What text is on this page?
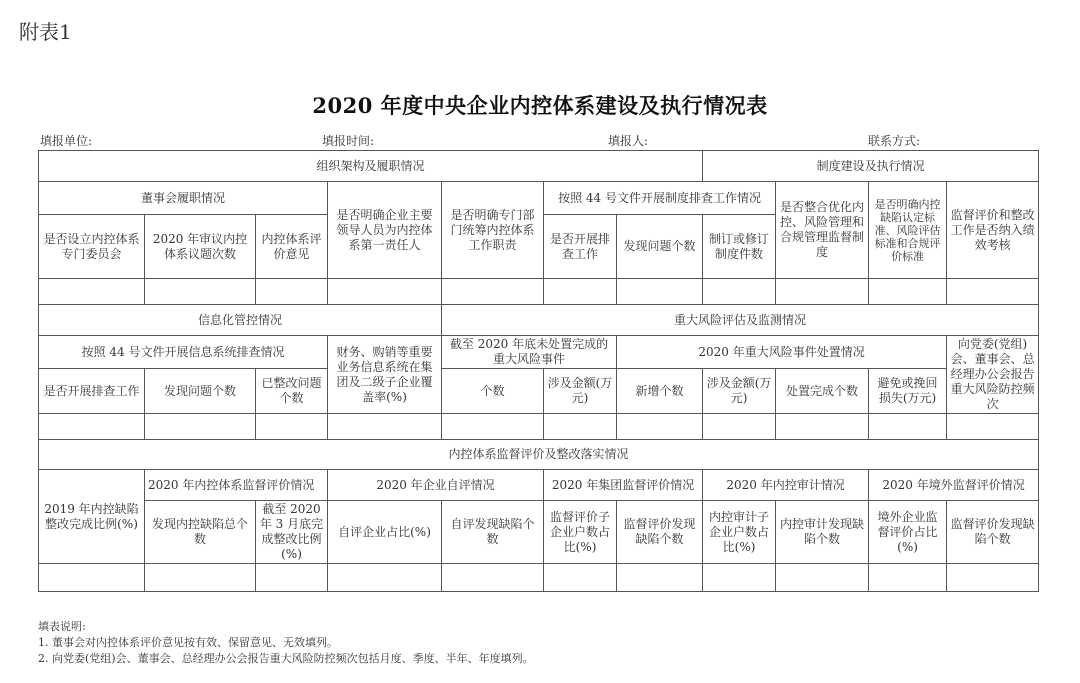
附表1
2020 年度中央企业内控体系建设及执行情况表
填报单位:	填报时间:	填报人:	联系方式:
组织架构及履职情况							制度建设及执行情况			
董事会履职情况			是否明确企业主要领导人员为内控体系第一责任人	是否明确专门部门统筹内控体系工作职责	按照 44 号文件开展制度排查工作情况			是否整合优化内控、风险管理和合规管理监督制度	是否明确内控缺陷认定标准、风险评估标准和合规评价标准	监督评价和整改工作是否纳入绩效考核
是否设立内控体系专门委员会	2020 年审议内控体系议题次数	内控体系评价意见			是否开展排查工作	发现问题个数	制订或修订制度件数			

信息化管控情况				重大风险评估及监测情况						
按照 44 号文件开展信息系统排查情况			财务、购销等重要业务信息系统在集团及二级子企业覆盖率(%)	截至 2020 年底未处置完成的重大风险事件		2020 年重大风险事件处置情况				向党委(党组)会、董事会、总经理办公会报告重大风险防控频次
是否开展排查工作	发现问题个数	已整改问题个数		个数	涉及金额(万元)	新增个数	涉及金额(万元)	处置完成个数	避免或挽回损失(万元)	

内控体系监督评价及整改落实情况										
2019 年内控缺陷整改完成比例(%)	2020 年内控体系监督评价情况		2020 年企业自评情况		2020 年集团监督评价情况		2020 年内控审计情况		2020 年境外监督评价情况	
	发现内控缺陷总个数	截至 2020 年 3 月底完成整改比例(%)	自评企业占比(%)	自评发现缺陷个数	监督评价子企业户数占比(%)	监督评价发现缺陷个数	内控审计子企业户数占比(%)	内控审计发现缺陷个数	境外企业监督评价占比(%)	监督评价发现缺陷个数

填表说明:
1. 董事会对内控体系评价意见按有效、保留意见、无效填列。
2. 向党委(党组)会、董事会、总经理办公会报告重大风险防控频次包括月度、季度、半年、年度填列。
